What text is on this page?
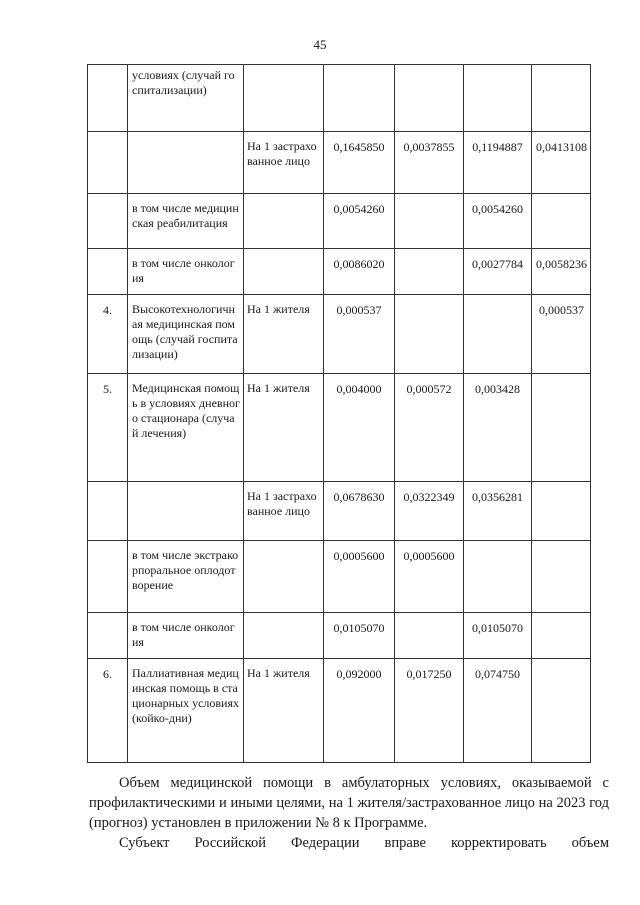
45
	условиях (случай госпитализации)					
		На 1 застрахованное лицо	0,1645850	0,0037855	0,1194887	0,0413108
	в том числе медицинская реабилитация		0,0054260		0,0054260	
	в том числе онкология		0,0086020		0,0027784	0,0058236
4.	Высокотехнологичная медицинская помощь (случай госпитализации)	На 1 жителя	0,000537			0,000537
5.	Медицинская помощь в условиях дневного стационара (случай лечения)	На 1 жителя	0,004000	0,000572	0,003428	
		На 1 застрахованное лицо	0,0678630	0,0322349	0,0356281	
	в том числе экстракорпоральное оплодотворение		0,0005600	0,0005600		
	в том числе онкология		0,0105070		0,0105070	
6.	Паллиативная медицинская помощь в стационарных условиях (койко-дни)	На 1 жителя	0,092000	0,017250	0,074750	
Объем медицинской помощи в амбулаторных условиях, оказываемой с профилактическими и иными целями, на 1 жителя/застрахованное лицо на 2023 год (прогноз) установлен в приложении № 8 к Программе.
Субъект Российской Федерации вправе корректировать объем
